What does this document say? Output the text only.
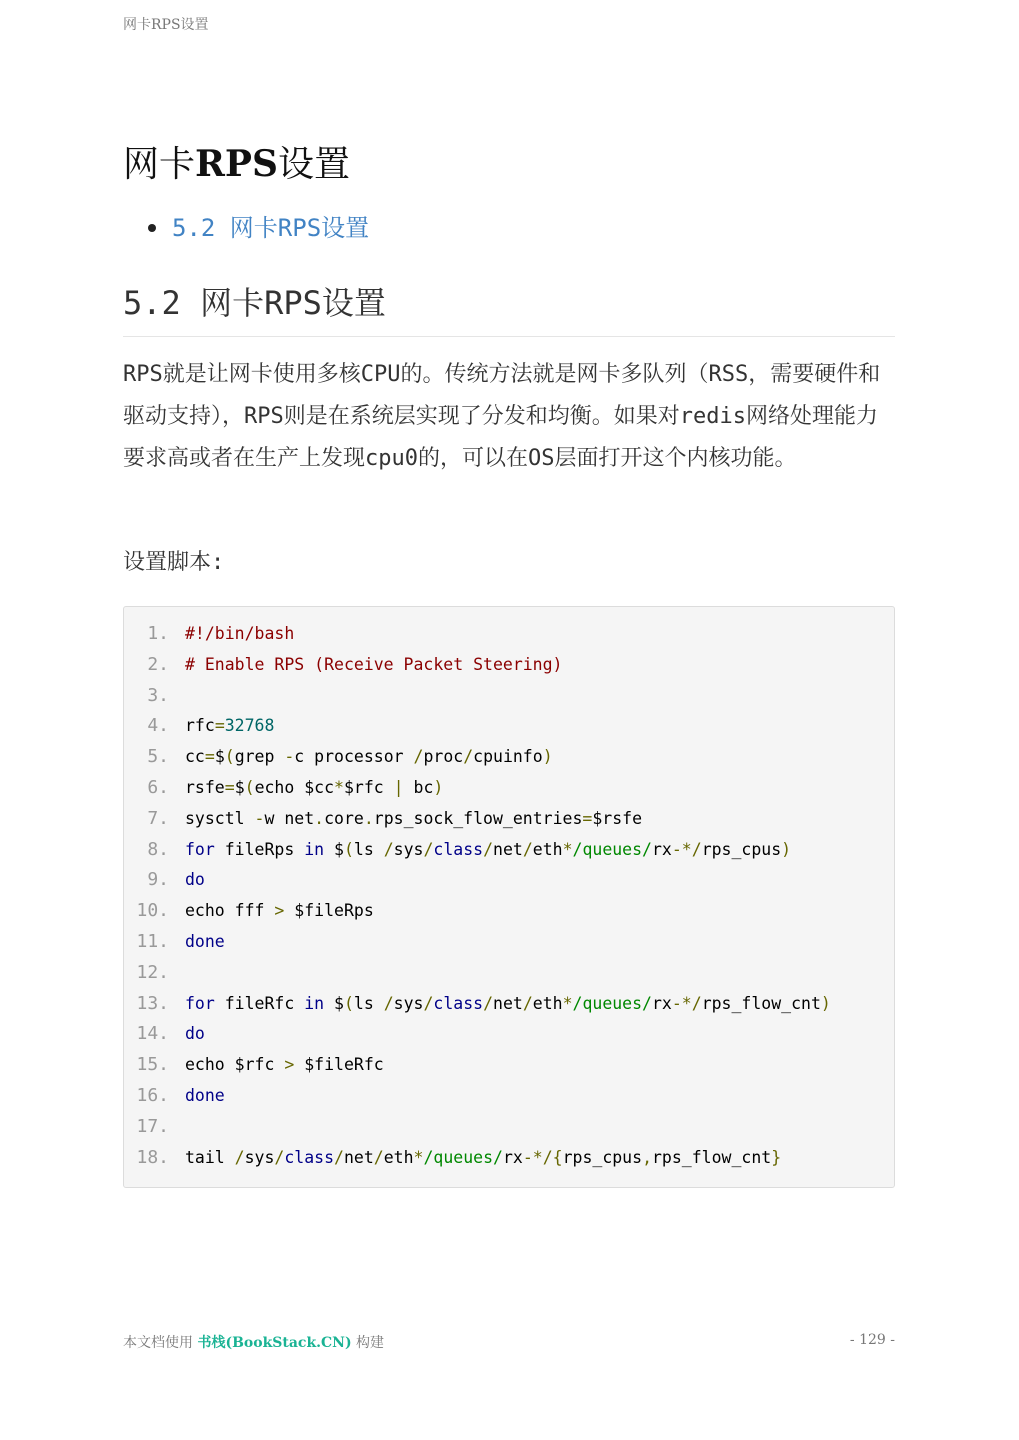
网卡RPS设置
网卡RPS设置
5.2 网卡RPS设置
5.2 网卡RPS设置

RPS就是让网卡使用多核CPU的。传统方法就是网卡多队列（RSS，需要硬件和驱动支持），RPS则是在系统层实现了分发和均衡。如果对redis网络处理能力要求高或者在生产上发现cpu0的，可以在OS层面打开这个内核功能。

设置脚本:

1. #!/bin/bash
2. # Enable RPS (Receive Packet Steering)
3.
4. rfc=32768
5. cc=$(grep -c processor /proc/cpuinfo)
6. rsfe=$(echo $cc*$rfc | bc)
7. sysctl -w net.core.rps_sock_flow_entries=$rsfe
8. for fileRps in $(ls /sys/class/net/eth*/queues/rx-*/rps_cpus)
9. do
10. echo fff > $fileRps
11. done
12.
13. for fileRfc in $(ls /sys/class/net/eth*/queues/rx-*/rps_flow_cnt)
14. do
15. echo $rfc > $fileRfc
16. done
17.
18. tail /sys/class/net/eth*/queues/rx-*/{rps_cpus,rps_flow_cnt}
本文档使用 书栈(BookStack.CN) 构建	- 129 -
